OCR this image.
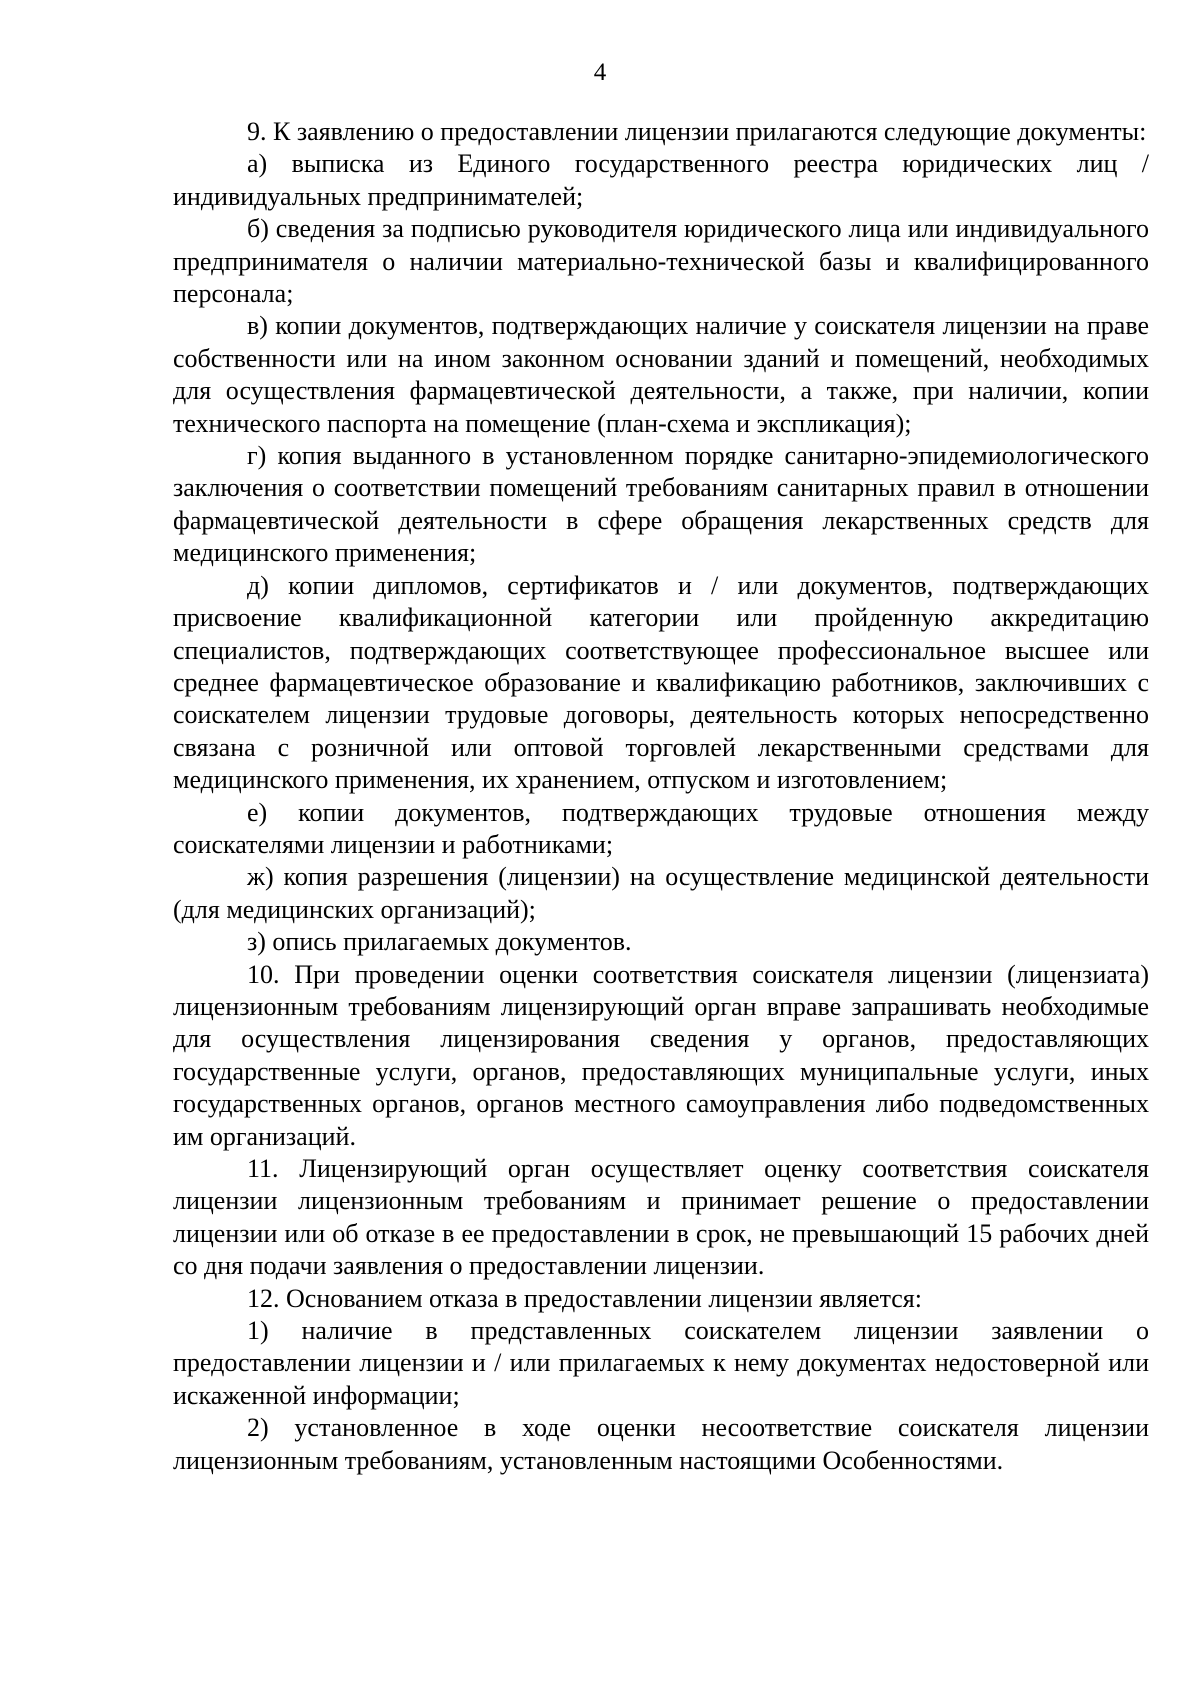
4

9. К заявлению о предоставлении лицензии прилагаются следующие документы:

а) выписка из Единого государственного реестра юридических лиц / индивидуальных предпринимателей;

б) сведения за подписью руководителя юридического лица или индивидуального предпринимателя о наличии материально-технической базы и квалифицированного персонала;

в) копии документов, подтверждающих наличие у соискателя лицензии на праве собственности или на ином законном основании зданий и помещений, необходимых для осуществления фармацевтической деятельности, а также, при наличии, копии технического паспорта на помещение (план-схема и экспликация);

г) копия выданного в установленном порядке санитарно-эпидемиологического заключения о соответствии помещений требованиям санитарных правил в отношении фармацевтической деятельности в сфере обращения лекарственных средств для медицинского применения;

д) копии дипломов, сертификатов и / или документов, подтверждающих присвоение квалификационной категории или пройденную аккредитацию специалистов, подтверждающих соответствующее профессиональное высшее или среднее фармацевтическое образование и квалификацию работников, заключивших с соискателем лицензии трудовые договоры, деятельность которых непосредственно связана с розничной или оптовой торговлей лекарственными средствами для медицинского применения, их хранением, отпуском и изготовлением;

е) копии документов, подтверждающих трудовые отношения между соискателями лицензии и работниками;

ж) копия разрешения (лицензии) на осуществление медицинской деятельности (для медицинских организаций);

з) опись прилагаемых документов.

10. При проведении оценки соответствия соискателя лицензии (лицензиата) лицензионным требованиям лицензирующий орган вправе запрашивать необходимые для осуществления лицензирования сведения у органов, предоставляющих государственные услуги, органов, предоставляющих муниципальные услуги, иных государственных органов, органов местного самоуправления либо подведомственных им организаций.

11. Лицензирующий орган осуществляет оценку соответствия соискателя лицензии лицензионным требованиям и принимает решение о предоставлении лицензии или об отказе в ее предоставлении в срок, не превышающий 15 рабочих дней со дня подачи заявления о предоставлении лицензии.

12. Основанием отказа в предоставлении лицензии является:

1) наличие в представленных соискателем лицензии заявлении о предоставлении лицензии и / или прилагаемых к нему документах недостоверной или искаженной информации;

2) установленное в ходе оценки несоответствие соискателя лицензии лицензионным требованиям, установленным настоящими Особенностями.
